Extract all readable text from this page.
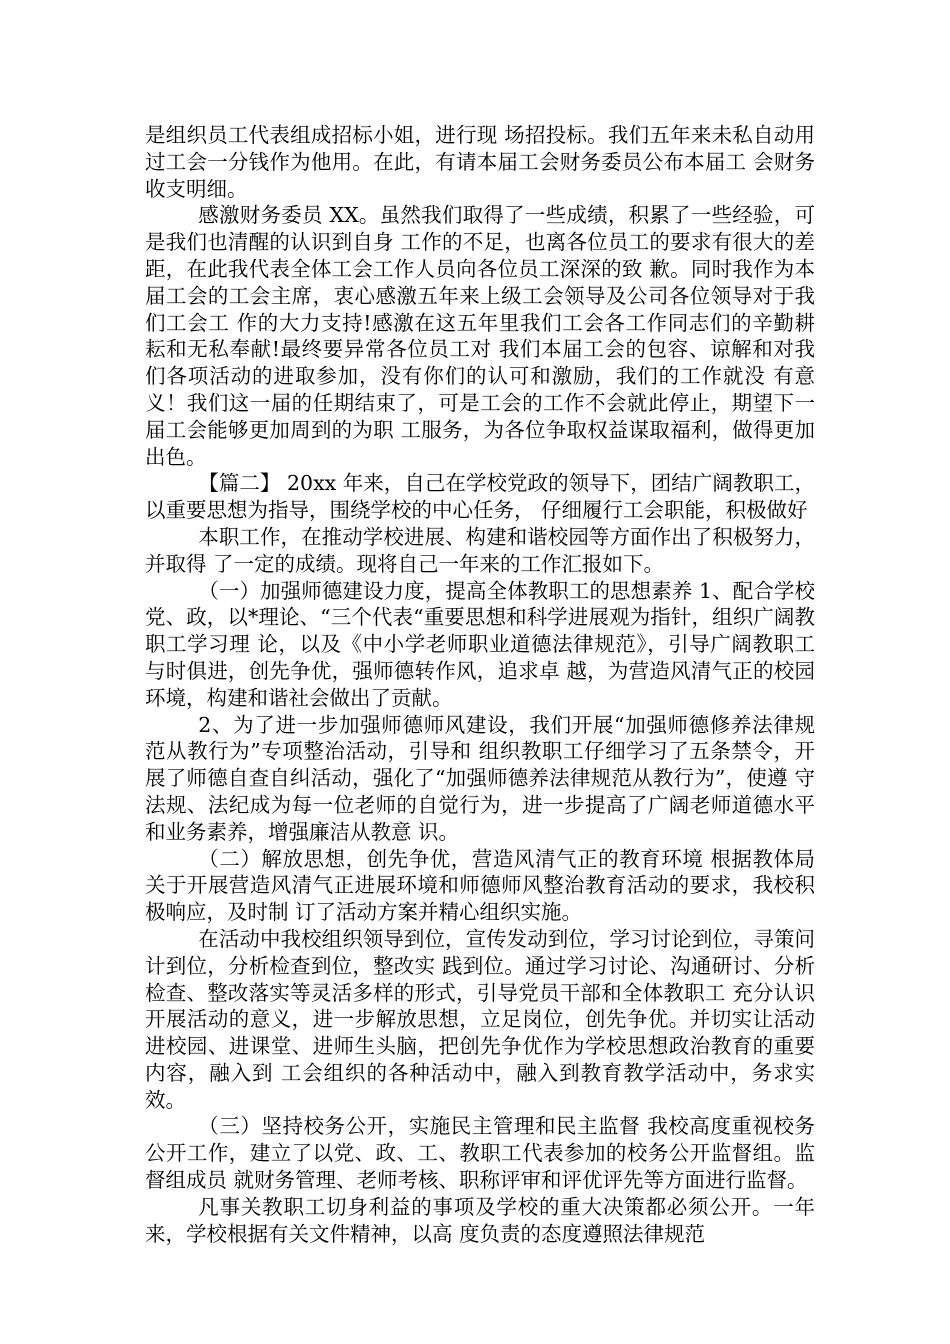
是组织员工代表组成招标小姐，进行现 场招投标。我们五年来未私自动用过工会一分钱作为他用。在此，有请本届工会财务委员公布本届工 会财务收支明细。

感激财务委员 XX。虽然我们取得了一些成绩，积累了一些经验，可是我们也清醒的认识到自身 工作的不足，也离各位员工的要求有很大的差距，在此我代表全体工会工作人员向各位员工深深的致 歉。同时我作为本届工会的工会主席，衷心感激五年来上级工会领导及公司各位领导对于我们工会工 作的大力支持!感激在这五年里我们工会各工作同志们的辛勤耕耘和无私奉献!最终要异常各位员工对 我们本届工会的包容、谅解和对我们各项活动的进取参加，没有你们的认可和激励，我们的工作就没 有意义！我们这一届的任期结束了，可是工会的工作不会就此停止，期望下一届工会能够更加周到的为职 工服务，为各位争取权益谋取福利，做得更加出色。

【篇二】 20xx 年来，自己在学校党政的领导下，团结广阔教职工，以重要思想为指导，围绕学校的中心任务， 仔细履行工会职能，积极做好

本职工作，在推动学校进展、构建和谐校园等方面作出了积极努力，并取得 了一定的成绩。现将自己一年来的工作汇报如下。

（一）加强师德建设力度，提高全体教职工的思想素养 1、配合学校党、政，以*理论、“三个代表“重要思想和科学进展观为指针，组织广阔教职工学习理 论，以及《中小学老师职业道德法律规范》，引导广阔教职工与时俱进，创先争优，强师德转作风，追求卓 越，为营造风清气正的校园环境，构建和谐社会做出了贡献。

2、为了进一步加强师德师风建设，我们开展“加强师德修养法律规范从教行为”专项整治活动，引导和 组织教职工仔细学习了五条禁令，开展了师德自查自纠活动，强化了“加强师德养法律规范从教行为”，使遵 守法规、法纪成为每一位老师的自觉行为，进一步提高了广阔老师道德水平和业务素养，增强廉洁从教意 识。

（二）解放思想，创先争优，营造风清气正的教育环境 根据教体局关于开展营造风清气正进展环境和师德师风整治教育活动的要求，我校积极响应，及时制 订了活动方案并精心组织实施。

在活动中我校组织领导到位，宣传发动到位，学习讨论到位，寻策问计到位，分析检查到位，整改实 践到位。通过学习讨论、沟通研讨、分析检查、整改落实等灵活多样的形式，引导党员干部和全体教职工 充分认识开展活动的意义，进一步解放思想，立足岗位，创先争优。并切实让活动进校园、进课堂、进师生头脑，把创先争优作为学校思想政治教育的重要内容，融入到 工会组织的各种活动中，融入到教育教学活动中，务求实效。

（三）坚持校务公开，实施民主管理和民主监督 我校高度重视校务公开工作，建立了以党、政、工、教职工代表参加的校务公开监督组。监督组成员 就财务管理、老师考核、职称评审和评优评先等方面进行监督。

凡事关教职工切身利益的事项及学校的重大决策都必须公开。一年来，学校根据有关文件精神，以高 度负责的态度遵照法律规范
